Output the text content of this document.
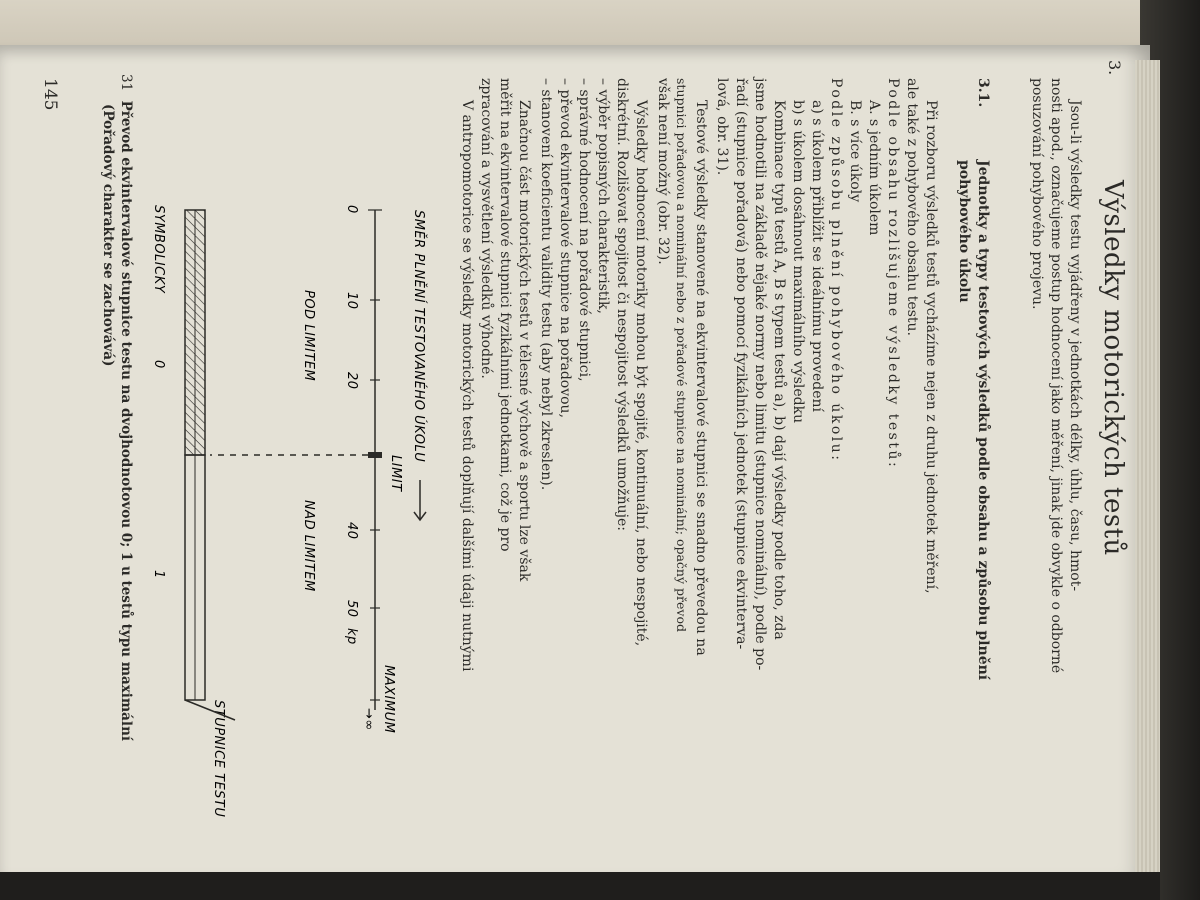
3.
Výsledky motorických testů
Jsou-li výsledky testu vyjádřeny v jednotkách délky, úhlu, času, hmot-
nosti apod., označujeme postup hodnocení jako měření, jinak jde obvykle o odborné
posuzování pohybového projevu.
3.1.
Jednotky a typy testových výsledků podle obsahu a způsobu plnění
pohybového úkolu
Při rozboru výsledků testů vycházíme nejen z druhu jednotek měření,
ale také z pohybového obsahu testu.
Podle obsahu rozlišujeme výsledky testů:
A. s jedním úkolem
B. s více úkoly
Podle způsobu plnění pohybového úkolu:
a) s úkolem přiblížit se ideálnímu provedení
b) s úkolem dosáhnout maximálního výsledku
Kombinace typů testů A, B s typem testů a), b) dají výsledky podle toho, zda
jsme hodnotili na základě nějaké normy nebo limitu (stupnice nominální), podle po-
řadí (stupnice pořadová) nebo pomocí fyzikálních jednotek (stupnice ekvinterva-
lová, obr. 31).
Testové výsledky stanovené na ekvintervalové stupnici se snadno převedou na
stupnici pořadovou a nominální nebo z pořadové stupnice na nominální; opačný převod
však není možný (obr. 32).
Výsledky hodnocení motoriky mohou být spojité, kontinuální, nebo nespojité,
diskrétní. Rozlišovat spojitost či nespojitost výsledků umožňuje:
– výběr popisných charakteristik,
– správné hodnocení na pořadové stupnici,
– převod ekvintervalové stupnice na pořadovou,
– stanovení koeficientu validity testu (aby nebyl zkreslen).
Značnou část motorických testů v tělesné výchově a sportu lze však
měřit na ekvintervalové stupnici fyzikálními jednotkami, což je pro
zpracování a vysvětlení výsledků výhodné.
V antropomotorice se výsledky motorických testů doplňují dalšími údaji nutnými
SMĚR PLNĚNÍ TESTOVANÉHO ÚKOLU
LIMIT
MAXIMUM
→∞
0
10
20
40
50
kp
POD LIMITEM
NAD LIMITEM
SYMBOLICKY
0
1
STUPNICE TESTU
31  Převod ekvintervalové stupnice testu na dvojhodnotovou 0; 1 u testů typu maximální
(Pořadový charakter se zachovává)
145
